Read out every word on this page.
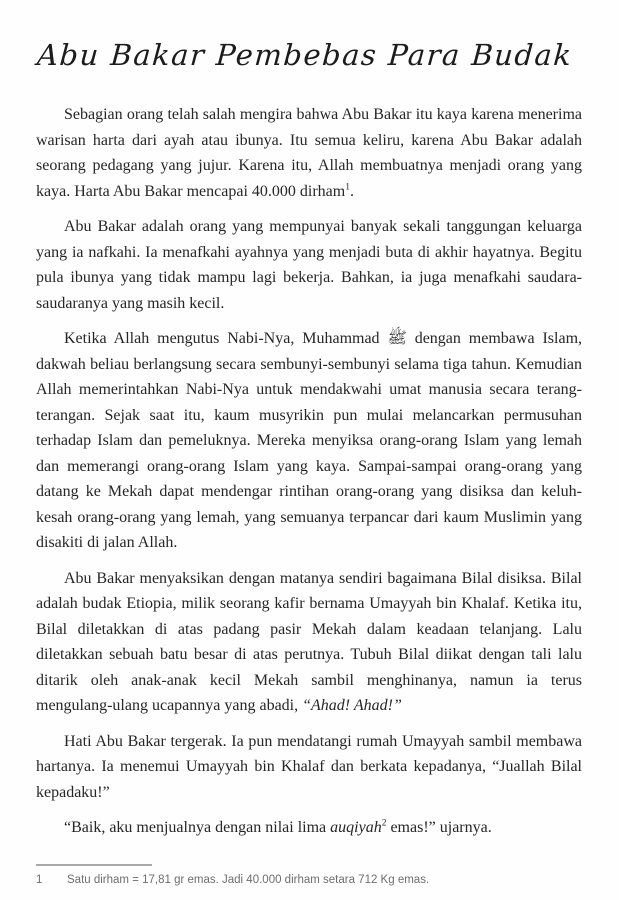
Abu Bakar Pembebas Para Budak

Sebagian orang telah salah mengira bahwa Abu Bakar itu kaya karena menerima warisan harta dari ayah atau ibunya. Itu semua keliru, karena Abu Bakar adalah seorang pedagang yang jujur. Karena itu, Allah membuatnya menjadi orang yang kaya. Harta Abu Bakar mencapai 40.000 dirham$^1$.

Abu Bakar adalah orang yang mempunyai banyak sekali tanggungan keluarga yang ia nafkahi. Ia menafkahi ayahnya yang menjadi buta di akhir hayatnya. Begitu pula ibunya yang tidak mampu lagi bekerja. Bahkan, ia juga menafkahi saudara-saudaranya yang masih kecil.

Ketika Allah mengutus Nabi-Nya, Muhammad ﷺ dengan membawa Islam, dakwah beliau berlangsung secara sembunyi-sembunyi selama tiga tahun. Kemudian Allah memerintahkan Nabi-Nya untuk mendakwahi umat manusia secara terang-terangan. Sejak saat itu, kaum musyrikin pun mulai melancarkan permusuhan terhadap Islam dan pemeluknya. Mereka menyiksa orang-orang Islam yang lemah dan memerangi orang-orang Islam yang kaya. Sampai-sampai orang-orang yang datang ke Mekah dapat mendengar rintihan orang-orang yang disiksa dan keluh-kesah orang-orang yang lemah, yang semuanya terpancar dari kaum Muslimin yang disakiti di jalan Allah.

Abu Bakar menyaksikan dengan matanya sendiri bagaimana Bilal disiksa. Bilal adalah budak Etiopia, milik seorang kafir bernama Umayyah bin Khalaf. Ketika itu, Bilal diletakkan di atas padang pasir Mekah dalam keadaan telanjang. Lalu diletakkan sebuah batu besar di atas perutnya. Tubuh Bilal diikat dengan tali lalu ditarik oleh anak-anak kecil Mekah sambil menghinanya, namun ia terus mengulang-ulang ucapannya yang abadi, “Ahad! Ahad!”

Hati Abu Bakar tergerak. Ia pun mendatangi rumah Umayyah sambil membawa hartanya. Ia menemui Umayyah bin Khalaf dan berkata kepadanya, “Juallah Bilal kepadaku!”

“Baik, aku menjualnya dengan nilai lima auqiyah$^2$ emas!” ujarnya.

1	Satu dirham = 17,81 gr emas. Jadi 40.000 dirham setara 712 Kg emas.
